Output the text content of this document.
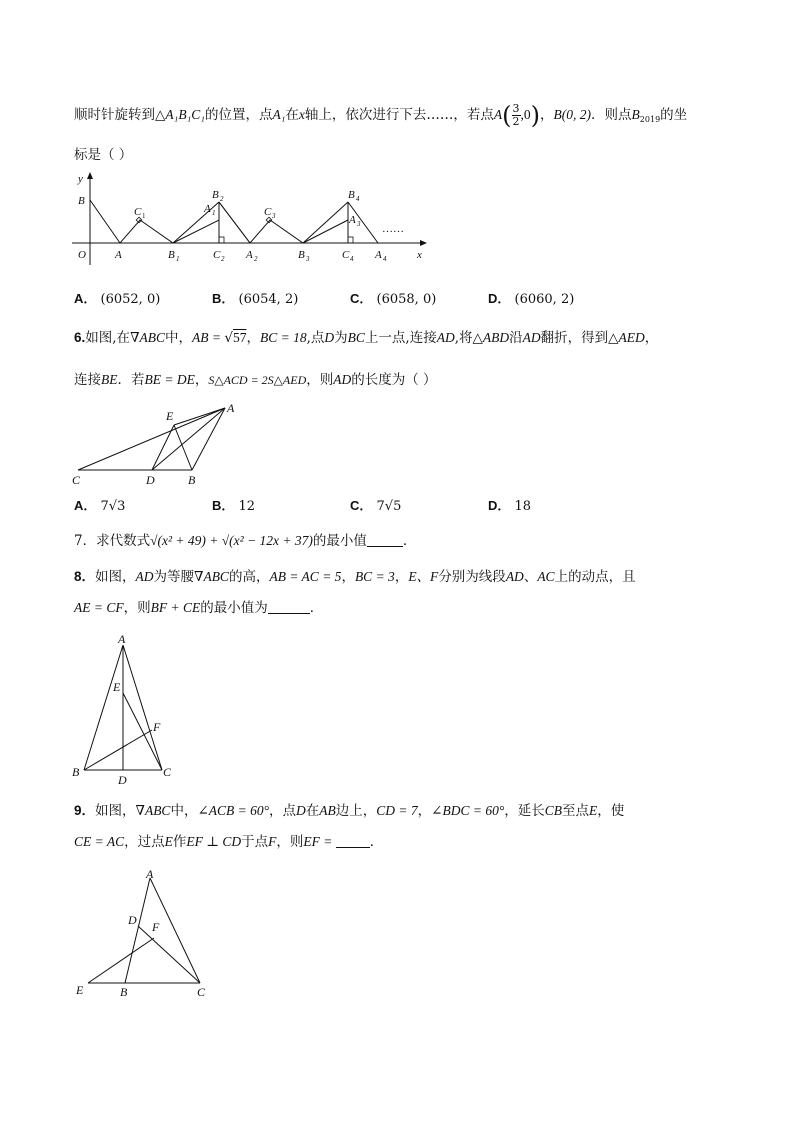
顺时针旋转到△A₁B₁C₁的位置，点A₁在x轴上，依次进行下去……，若点$A( \frac{3}{2} ,0)$，B(0, 2)．则点$B_{2019}$的坐
标是（ ）
y
x
O
B
A
C 1
B 1
B 2
A 1
C 2 A 2
C 3
B 3
B 4
A 3
C 4 A 4
……
A． (6052, 0)	B． (6054, 2)	C． (6058, 0)	D． (6060, 2)
6.如图,在∇ABC中，AB = √57，BC = 18,点D为BC上一点,连接AD,将△ABD沿AD翻折，得到△AED，
连接BE．若BE = DE，S△ACD = 2S△AED，则AD的长度为（ ）
E
A
C	D	B
A． 7√3	B． 12	C． 7√5	D． 18
7．求代数式√(x² + 49) + √(x² − 12x + 37)的最小值	．
8．如图，AD为等腰∇ABC的高，AB = AC = 5，BC = 3，E、F分别为线段AD、AC上的动点，且
AE = CF，则BF + CE的最小值为	．
A
E
F
B
D
C
9．如图，∇ABC中，∠ACB = 60°，点D在AB边上，CD = 7，∠BDC = 60°，延长CB至点E，使
CE = AC，过点E作EF ⊥ CD于点F，则EF =	．
A
D F
E	B	C
